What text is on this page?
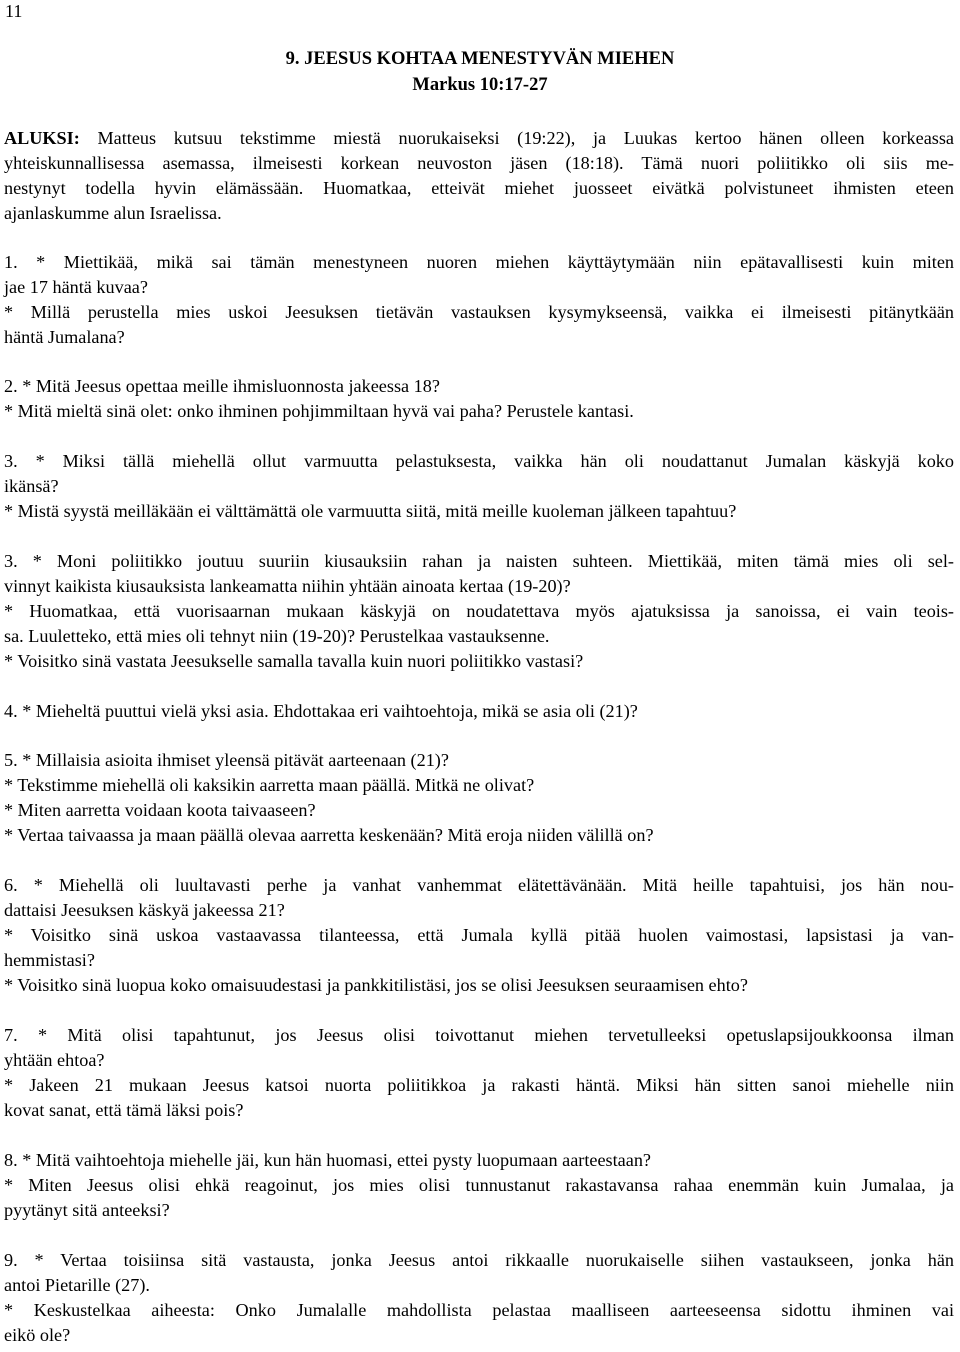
11
9. JEESUS KOHTAA MENESTYVÄN MIEHEN
Markus 10:17-27
ALUKSI: Matteus kutsuu tekstimme miestä nuorukaiseksi (19:22), ja Luukas kertoo hänen olleen korkeassa
yhteiskunnallisessa asemassa, ilmeisesti korkean neuvoston jäsen (18:18). Tämä nuori poliitikko oli siis me-
nestynyt todella hyvin elämässään. Huomatkaa, etteivät miehet juosseet eivätkä polvistuneet ihmisten eteen
ajanlaskumme alun Israelissa.
1. * Miettikää, mikä sai tämän menestyneen nuoren miehen käyttäytymään niin epätavallisesti kuin miten
jae 17 häntä kuvaa?
* Millä perustella mies uskoi Jeesuksen tietävän vastauksen kysymykseensä, vaikka ei ilmeisesti pitänytkään
häntä Jumalana?
2. * Mitä Jeesus opettaa meille ihmisluonnosta jakeessa 18?
* Mitä mieltä sinä olet: onko ihminen pohjimmiltaan hyvä vai paha? Perustele kantasi.
3. * Miksi tällä miehellä ollut varmuutta pelastuksesta, vaikka hän oli noudattanut Jumalan käskyjä koko
ikänsä?
* Mistä syystä meilläkään ei välttämättä ole varmuutta siitä, mitä meille kuoleman jälkeen tapahtuu?
3. * Moni poliitikko joutuu suuriin kiusauksiin rahan ja naisten suhteen. Miettikää, miten tämä mies oli sel-
vinnyt kaikista kiusauksista lankeamatta niihin yhtään ainoata kertaa (19-20)?
* Huomatkaa, että vuorisaarnan mukaan käskyjä on noudatettava myös ajatuksissa ja sanoissa, ei vain teois-
sa. Luuletteko, että mies oli tehnyt niin (19-20)? Perustelkaa vastauksenne.
* Voisitko sinä vastata Jeesukselle samalla tavalla kuin nuori poliitikko vastasi?
4. * Mieheltä puuttui vielä yksi asia. Ehdottakaa eri vaihtoehtoja, mikä se asia oli (21)?
5. * Millaisia asioita ihmiset yleensä pitävät aarteenaan (21)?
* Tekstimme miehellä oli kaksikin aarretta maan päällä. Mitkä ne olivat?
* Miten aarretta voidaan koota taivaaseen?
* Vertaa taivaassa ja maan päällä olevaa aarretta keskenään? Mitä eroja niiden välillä on?
6. * Miehellä oli luultavasti perhe ja vanhat vanhemmat elätettävänään. Mitä heille tapahtuisi, jos hän nou-
dattaisi Jeesuksen käskyä jakeessa 21?
* Voisitko sinä uskoa vastaavassa tilanteessa, että Jumala kyllä pitää huolen vaimostasi, lapsistasi ja van-
hemmistasi?
* Voisitko sinä luopua koko omaisuudestasi ja pankkitilistäsi, jos se olisi Jeesuksen seuraamisen ehto?
7. * Mitä olisi tapahtunut, jos Jeesus olisi toivottanut miehen tervetulleeksi opetuslapsijoukkoonsa ilman
yhtään ehtoa?
* Jakeen 21 mukaan Jeesus katsoi nuorta poliitikkoa ja rakasti häntä. Miksi hän sitten sanoi miehelle niin
kovat sanat, että tämä läksi pois?
8. * Mitä vaihtoehtoja miehelle jäi, kun hän huomasi, ettei pysty luopumaan aarteestaan?
* Miten Jeesus olisi ehkä reagoinut, jos mies olisi tunnustanut rakastavansa rahaa enemmän kuin Jumalaa, ja
pyytänyt sitä anteeksi?
9. * Vertaa toisiinsa sitä vastausta, jonka Jeesus antoi rikkaalle nuorukaiselle siihen vastaukseen, jonka hän
antoi Pietarille (27).
* Keskustelkaa aiheesta: Onko Jumalalle mahdollista pelastaa maalliseen aarteeseensa sidottu ihminen vai
eikö ole?
